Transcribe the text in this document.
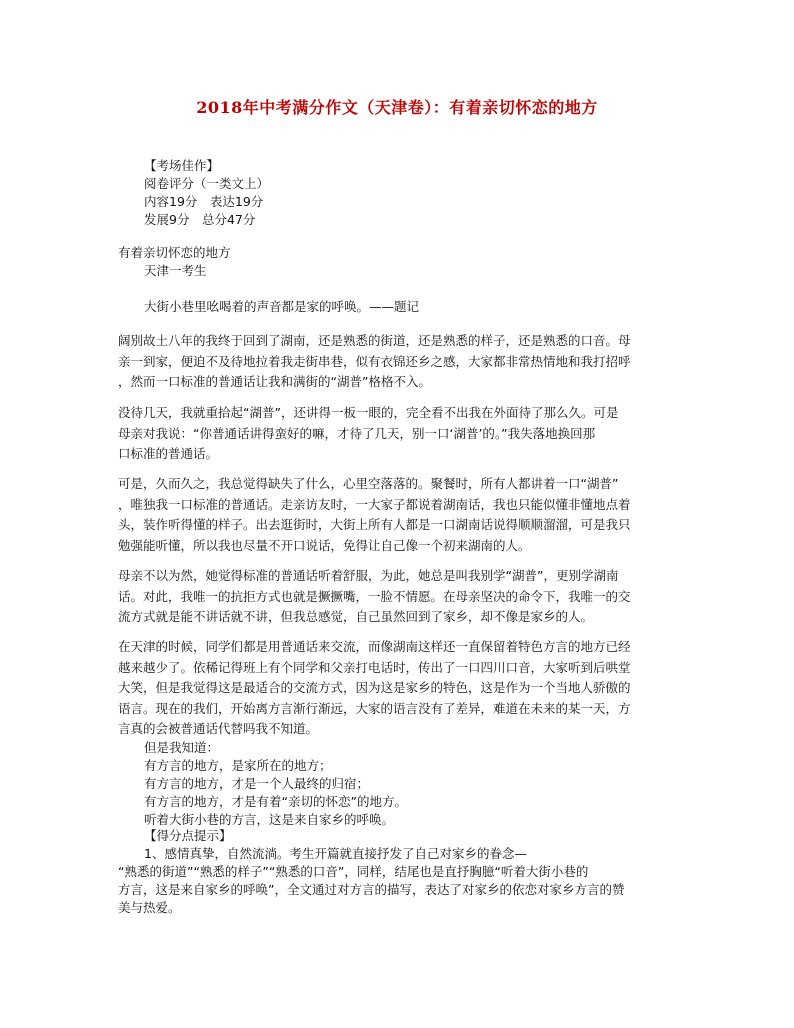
2018年中考满分作文（天津卷）：有着亲切怀恋的地方
【考场佳作】
阅卷评分（一类文上）
内容19分　表达19分
发展9分　总分47分
有着亲切怀恋的地方
天津一考生
大街小巷里吆喝着的声音都是家的呼唤。——题记
阔别故土八年的我终于回到了湖南，还是熟悉的街道，还是熟悉的样子，还是熟悉的口音。母
亲一到家，便迫不及待地拉着我走街串巷，似有衣锦还乡之感，大家都非常热情地和我打招呼
，然而一口标准的普通话让我和满街的“湖普”格格不入。
没待几天，我就重拾起“湖普”，还讲得一板一眼的，完全看不出我在外面待了那么久。可是
母亲对我说：“你普通话讲得蛮好的嘛，才待了几天，别一口‘湖普’的。”我失落地换回那
口标准的普通话。
可是，久而久之，我总觉得缺失了什么，心里空落落的。聚餐时，所有人都讲着一口“湖普”
，唯独我一口标准的普通话。走亲访友时，一大家子都说着湖南话，我也只能似懂非懂地点着
头，装作听得懂的样子。出去逛街时，大街上所有人都是一口湖南话说得顺顺溜溜，可是我只
勉强能听懂，所以我也尽量不开口说话，免得让自己像一个初来湖南的人。
母亲不以为然，她觉得标准的普通话听着舒服，为此，她总是叫我别学“湖普”，更别学湖南
话。对此，我唯一的抗拒方式也就是撅撅嘴，一脸不情愿。在母亲坚决的命令下，我唯一的交
流方式就是能不讲话就不讲，但我总感觉，自己虽然回到了家乡，却不像是家乡的人。
在天津的时候，同学们都是用普通话来交流，而像湖南这样还一直保留着特色方言的地方已经
越来越少了。依稀记得班上有个同学和父亲打电话时，传出了一口四川口音，大家听到后哄堂
大笑，但是我觉得这是最适合的交流方式，因为这是家乡的特色，这是作为一个当地人骄傲的
语言。现在的我们，开始离方言渐行渐远，大家的语言没有了差异，难道在未来的某一天，方
言真的会被普通话代替吗我不知道。
但是我知道：
有方言的地方，是家所在的地方；
有方言的地方，才是一个人最终的归宿；
有方言的地方，才是有着“亲切的怀恋”的地方。
听着大街小巷的方言，这是来自家乡的呼唤。
【得分点提示】
1、感情真挚，自然流淌。考生开篇就直接抒发了自己对家乡的眷念—
“熟悉的街道”“熟悉的样子”“熟悉的口音”，同样，结尾也是直抒胸臆“听着大街小巷的
方言，这是来自家乡的呼唤”，全文通过对方言的描写，表达了对家乡的依恋对家乡方言的赞
美与热爱。
